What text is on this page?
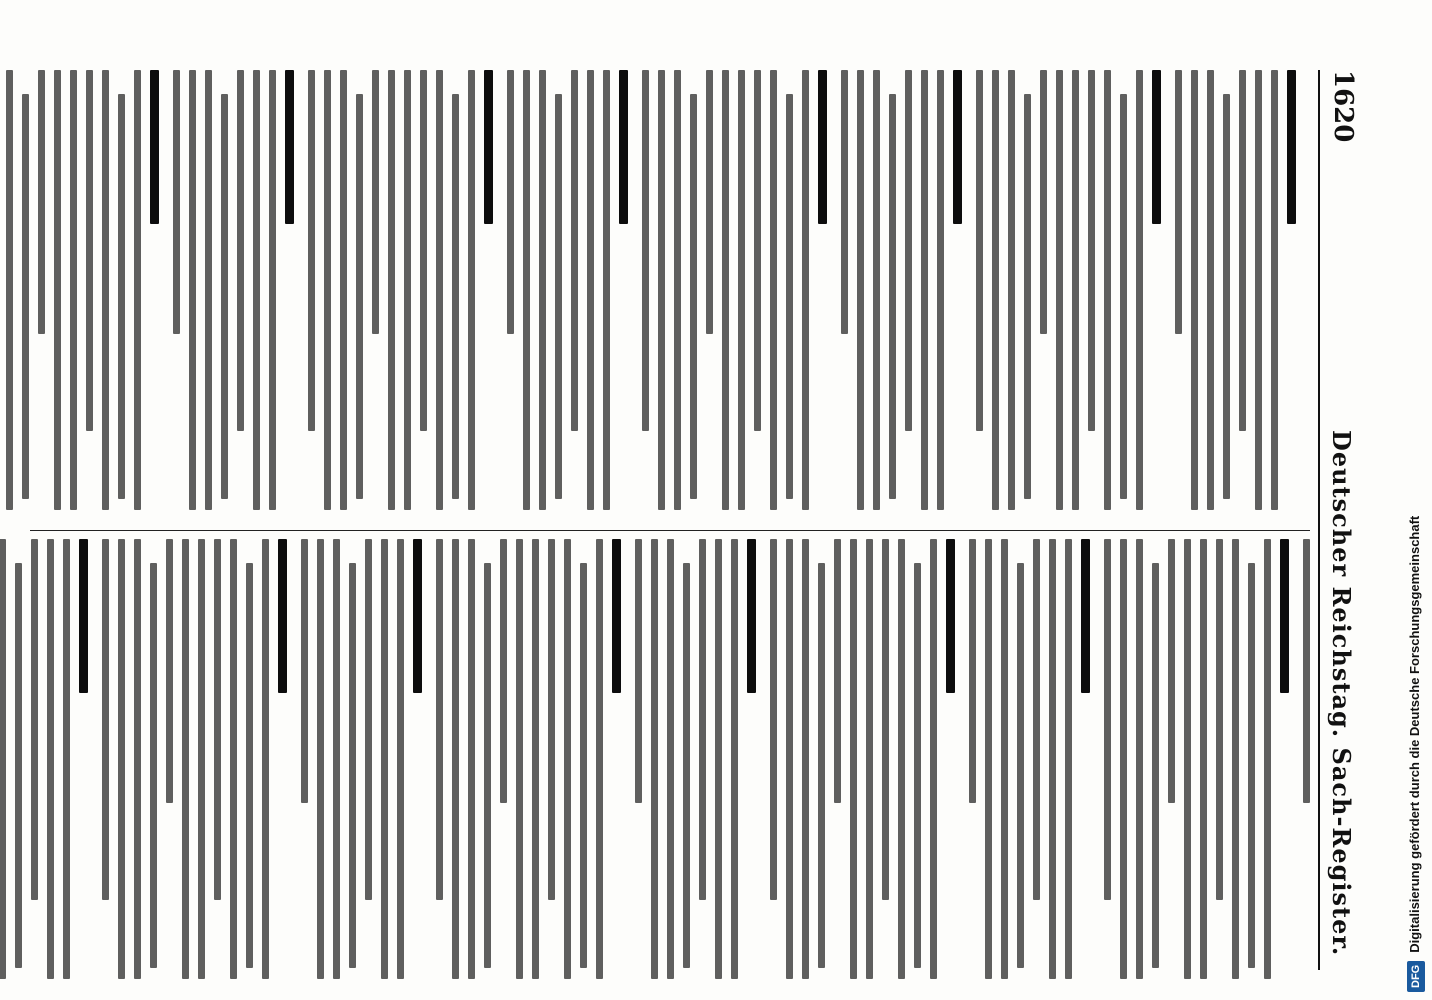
1620
Deutscher Reichstag. Sach-Register.
DFGDigitalisierung gefördert durch die Deutsche Forschungsgemeinschaft
